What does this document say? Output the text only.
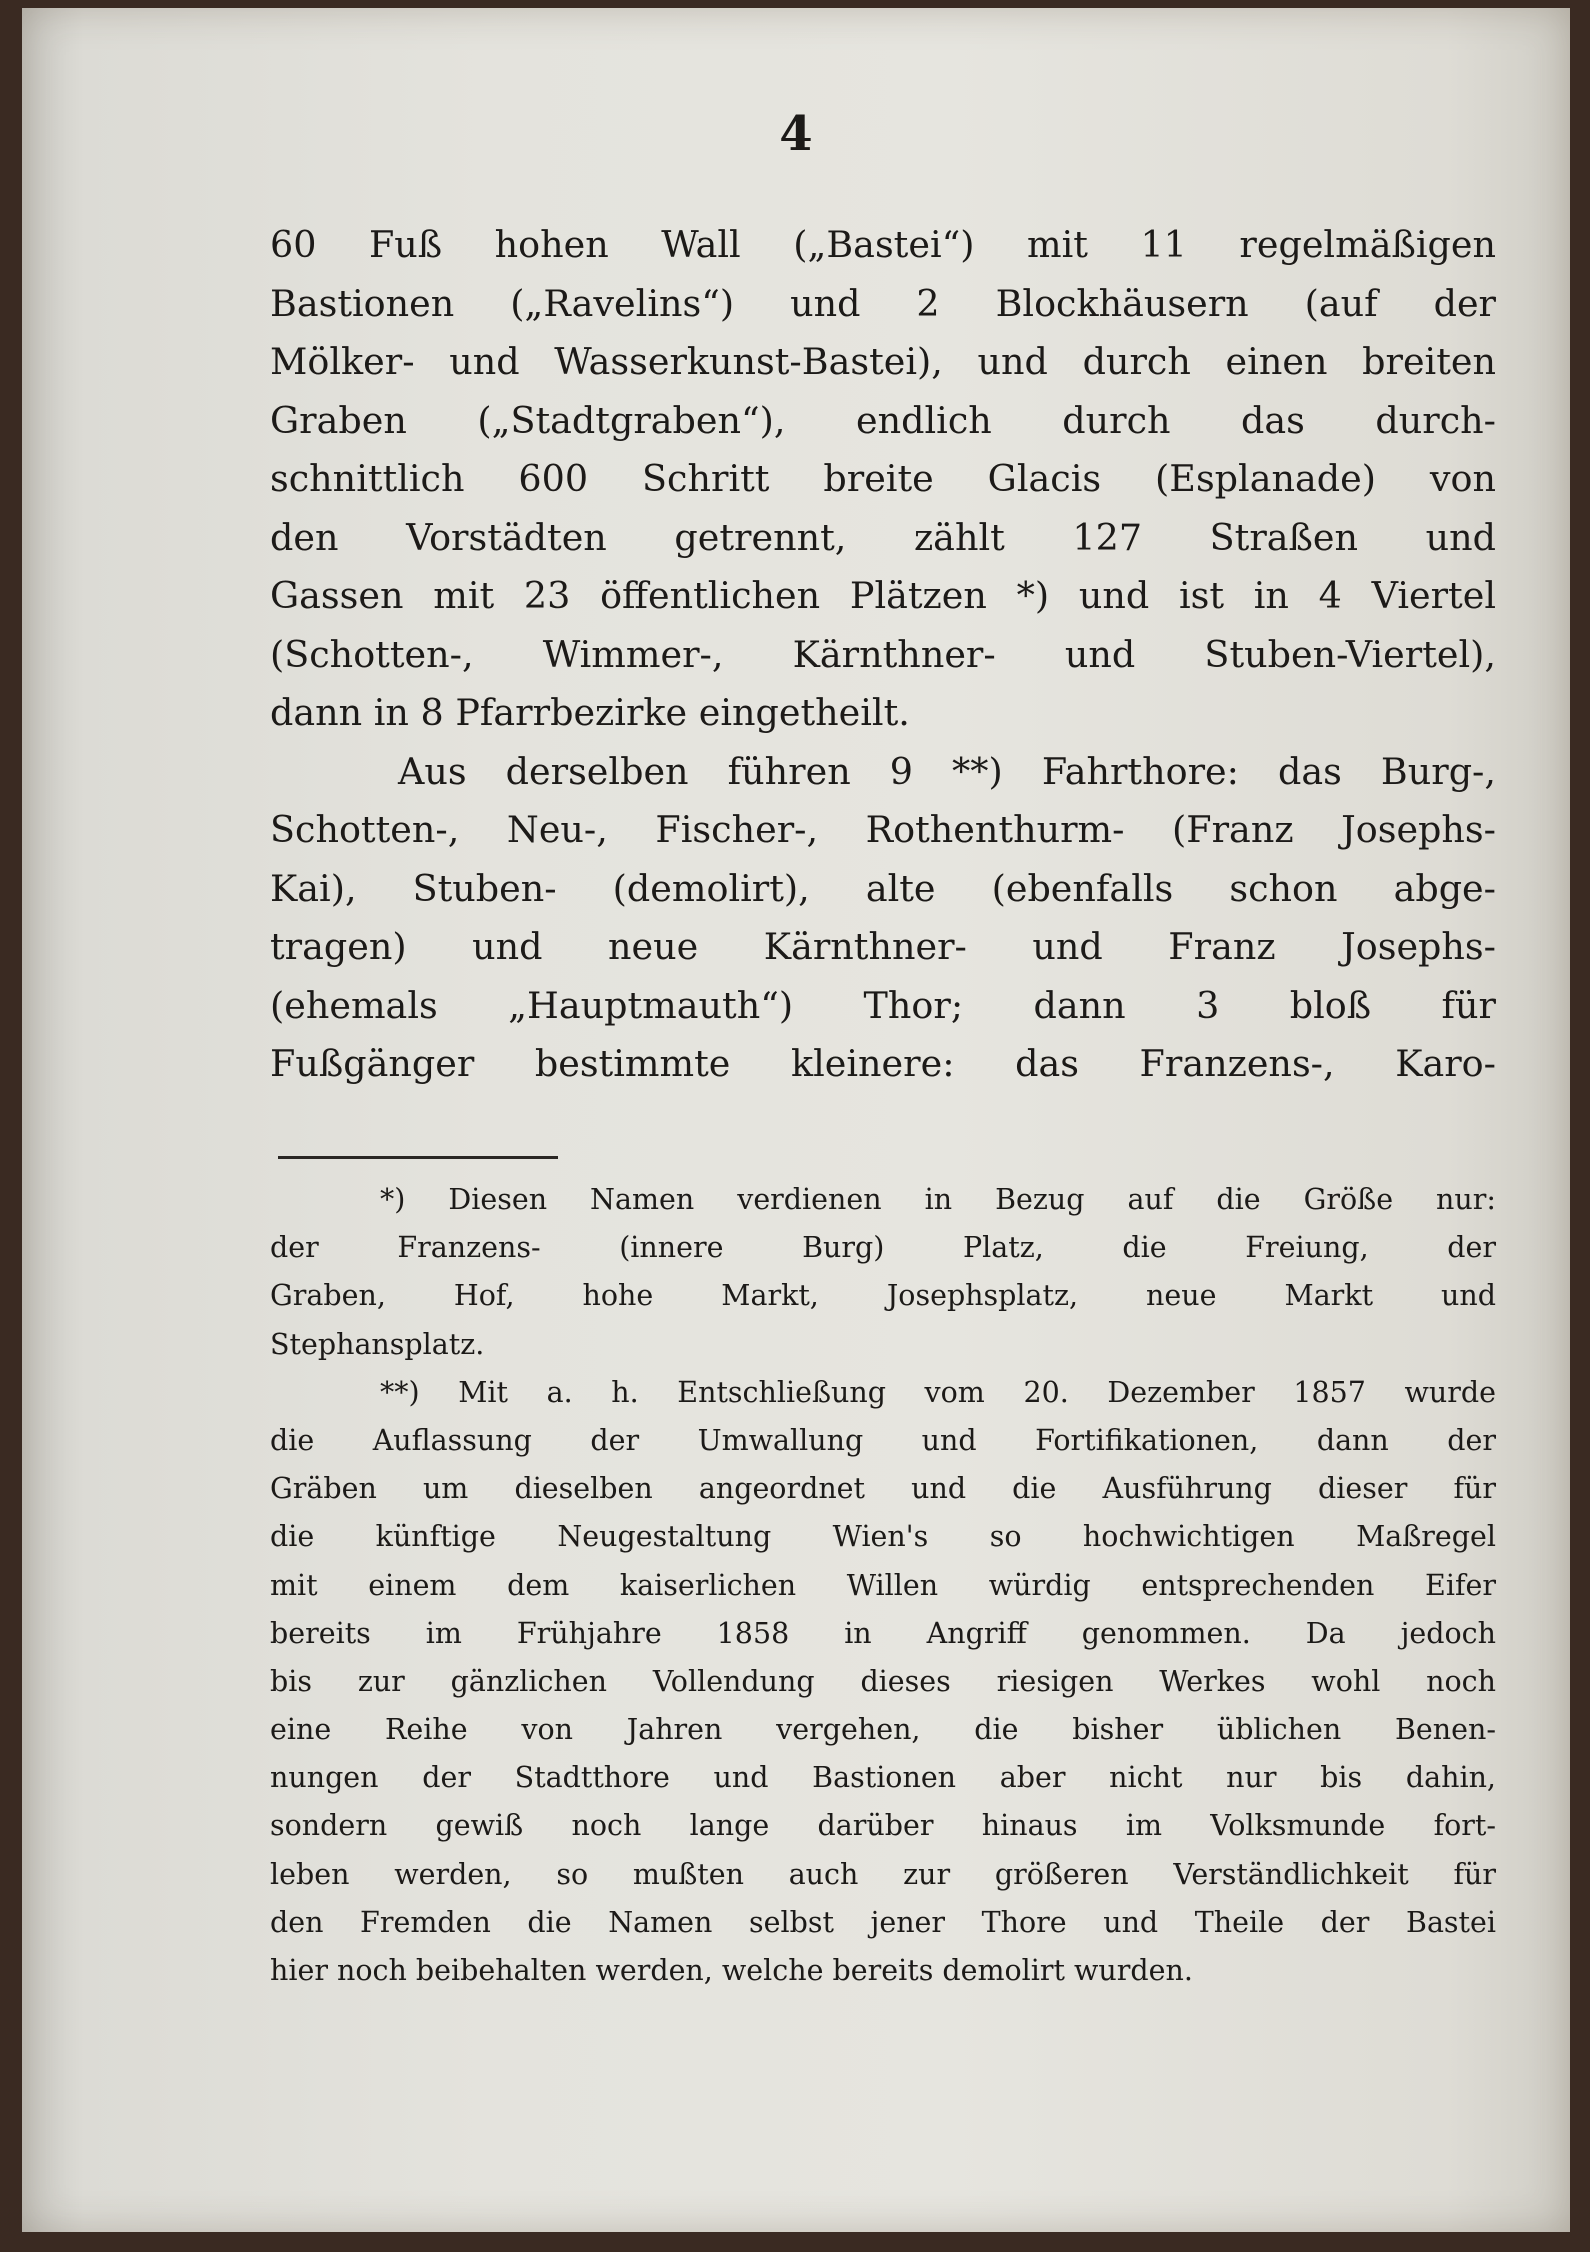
4
60 Fuß hohen Wall („Bastei“) mit 11 regelmäßigen
Bastionen („Ravelins“) und 2 Blockhäusern (auf der
Mölker- und Wasserkunst-Bastei), und durch einen breiten
Graben („Stadtgraben“), endlich durch das durch-
schnittlich 600 Schritt breite Glacis (Esplanade) von
den Vorstädten getrennt, zählt 127 Straßen und
Gassen mit 23 öffentlichen Plätzen *) und ist in 4 Viertel
(Schotten-, Wimmer-, Kärnthner- und Stuben-Viertel),
dann in 8 Pfarrbezirke eingetheilt.
Aus derselben führen 9 **) Fahrthore: das Burg-,
Schotten-, Neu-, Fischer-, Rothenthurm- (Franz Josephs-
Kai), Stuben- (demolirt), alte (ebenfalls schon abge-
tragen) und neue Kärnthner- und Franz Josephs-
(ehemals „Hauptmauth“) Thor; dann 3 bloß für
Fußgänger bestimmte kleinere: das Franzens-, Karo-
*) Diesen Namen verdienen in Bezug auf die Größe nur:
der Franzens- (innere Burg) Platz, die Freiung, der
Graben, Hof, hohe Markt, Josephsplatz, neue Markt und
Stephansplatz.
**) Mit a. h. Entschließung vom 20. Dezember 1857 wurde
die Auflassung der Umwallung und Fortifikationen, dann der
Gräben um dieselben angeordnet und die Ausführung dieser für
die künftige Neugestaltung Wien's so hochwichtigen Maßregel
mit einem dem kaiserlichen Willen würdig entsprechenden Eifer
bereits im Frühjahre 1858 in Angriff genommen. Da jedoch
bis zur gänzlichen Vollendung dieses riesigen Werkes wohl noch
eine Reihe von Jahren vergehen, die bisher üblichen Benen-
nungen der Stadtthore und Bastionen aber nicht nur bis dahin,
sondern gewiß noch lange darüber hinaus im Volksmunde fort-
leben werden, so mußten auch zur größeren Verständlichkeit für
den Fremden die Namen selbst jener Thore und Theile der Bastei
hier noch beibehalten werden, welche bereits demolirt wurden.
